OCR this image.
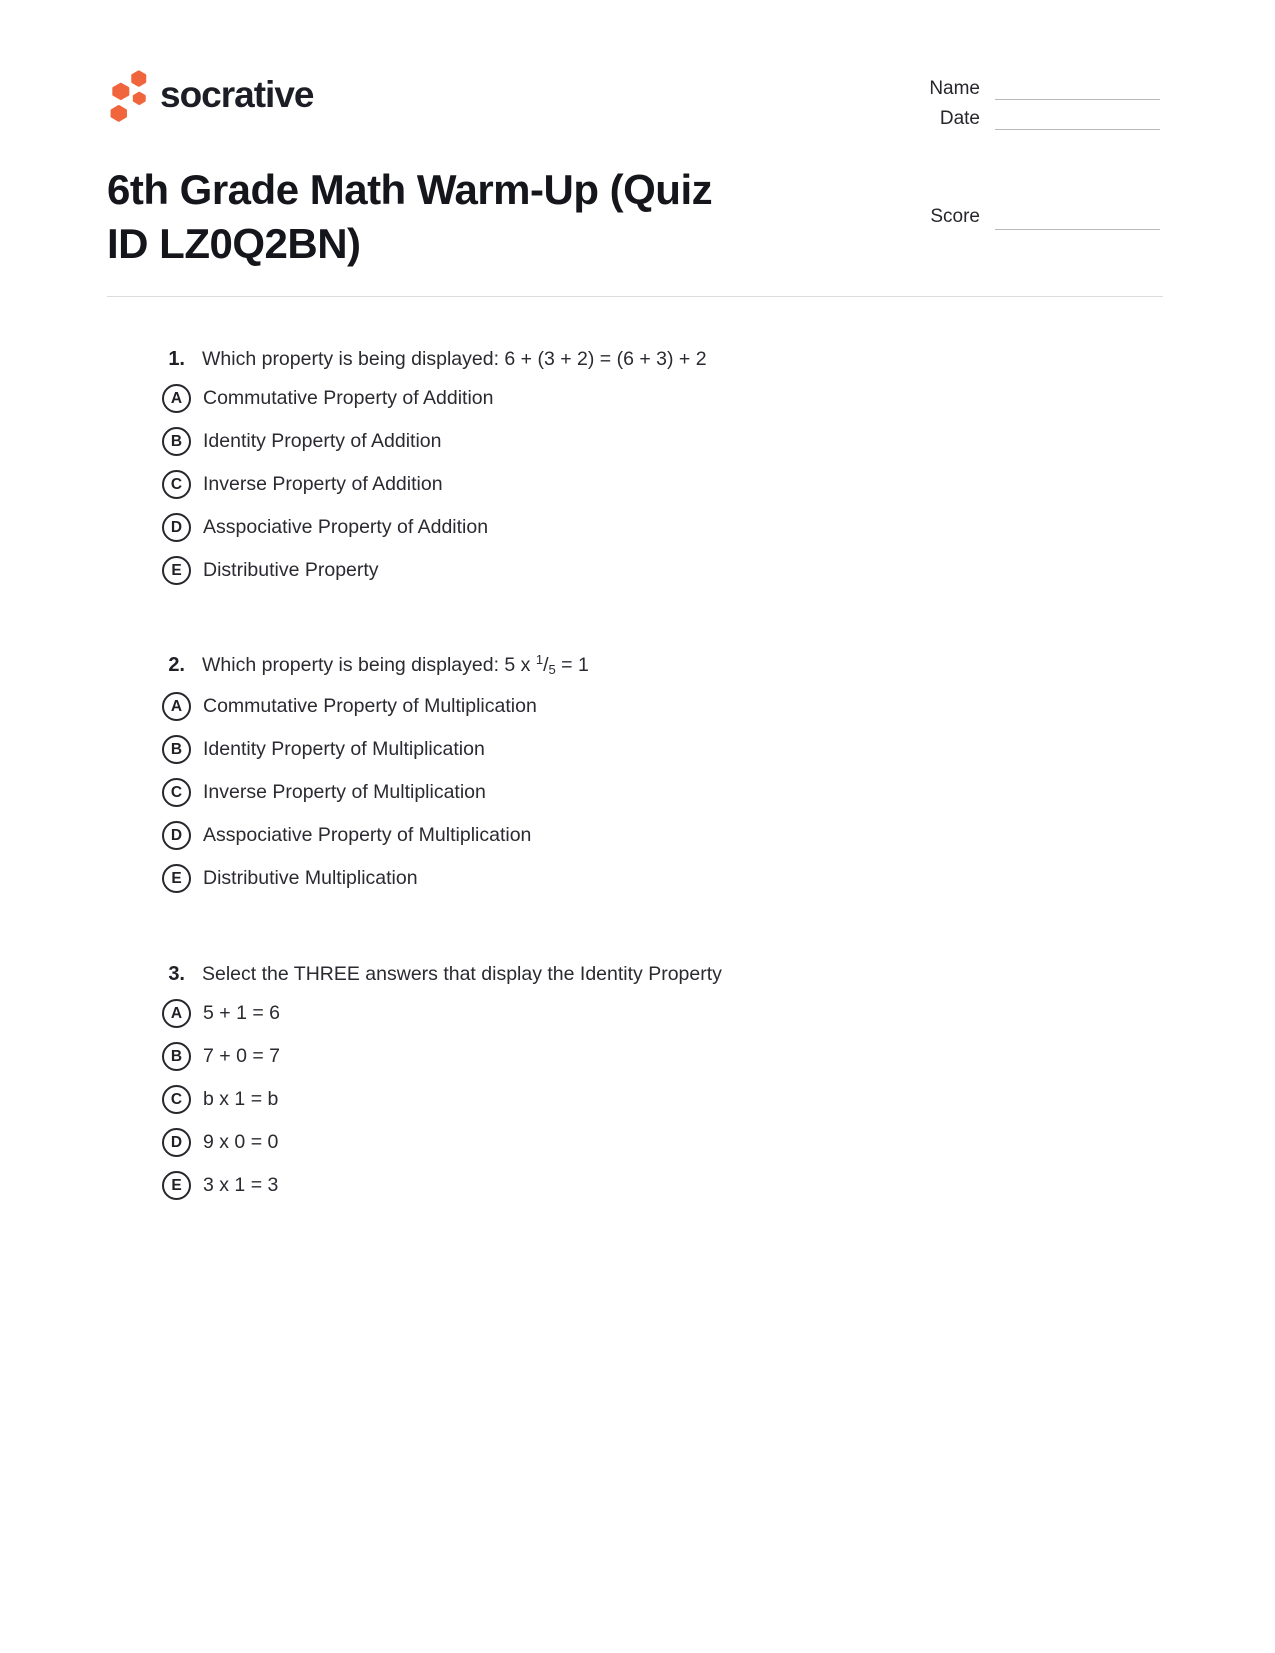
socrative	Name
Date
Score
6th Grade Math Warm-Up (Quiz
ID LZ0Q2BN)
1. Which property is being displayed: 6 + (3 + 2) = (6 + 3) + 2
A	Commutative Property of Addition
B	Identity Property of Addition
C	Inverse Property of Addition
D	Asspociative Property of Addition
E	Distributive Property
2. Which property is being displayed: 5 x $^1$/5 = 1
A	Commutative Property of Multiplication
B	Identity Property of Multiplication
C	Inverse Property of Multiplication
D	Asspociative Property of Multiplication
E	Distributive Multiplication
3. Select the THREE answers that display the Identity Property
A	5 + 1 = 6
B	7 + 0 = 7
C	b x 1 = b
D	9 x 0 = 0
E	3 x 1 = 3
